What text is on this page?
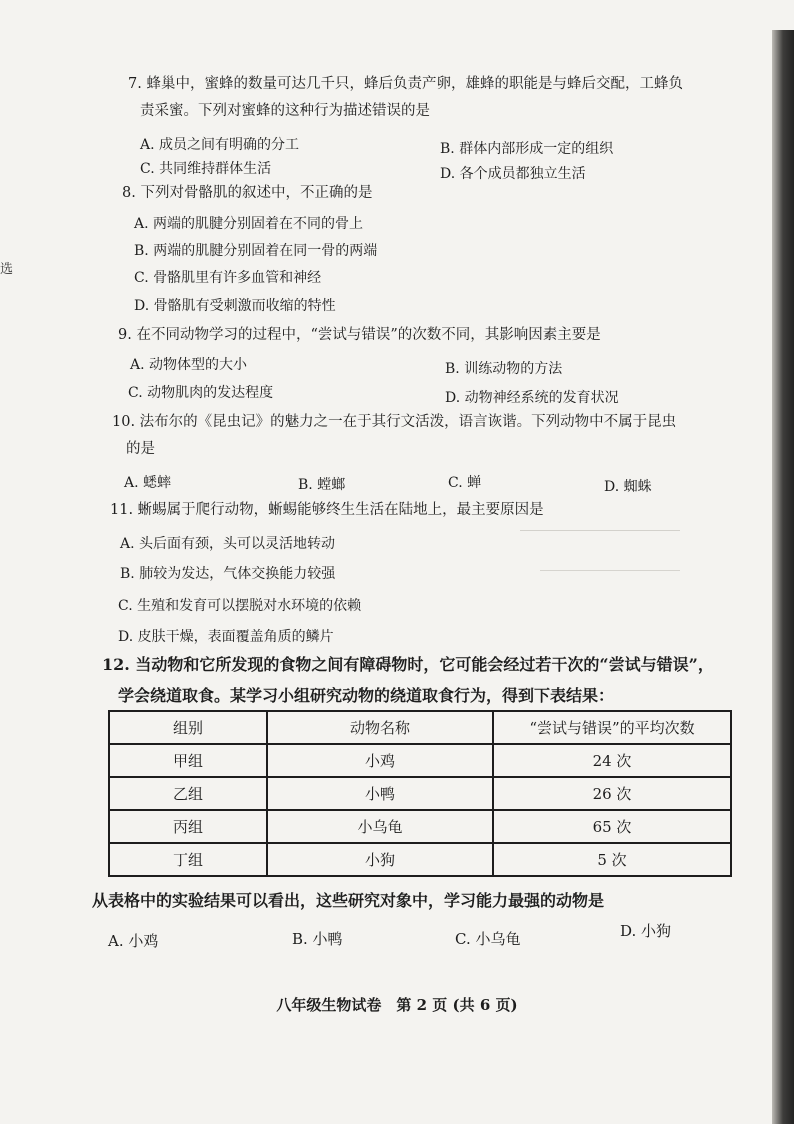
选
7. 蜂巢中，蜜蜂的数量可达几千只，蜂后负责产卵，雄蜂的职能是与蜂后交配，工蜂负
责采蜜。下列对蜜蜂的这种行为描述错误的是
A. 成员之间有明确的分工	B. 群体内部形成一定的组织
C. 共同维持群体生活	D. 各个成员都独立生活
8. 下列对骨骼肌的叙述中，不正确的是
A. 两端的肌腱分别固着在不同的骨上
B. 两端的肌腱分别固着在同一骨的两端
C. 骨骼肌里有许多血管和神经
D. 骨骼肌有受刺激而收缩的特性
9. 在不同动物学习的过程中，“尝试与错误”的次数不同，其影响因素主要是
A. 动物体型的大小	B. 训练动物的方法
C. 动物肌肉的发达程度	D. 动物神经系统的发育状况
10. 法布尔的《昆虫记》的魅力之一在于其行文活泼，语言诙谐。下列动物中不属于昆虫
的是
A. 蟋蟀	B. 螳螂	C. 蝉	D. 蜘蛛
11. 蜥蜴属于爬行动物，蜥蜴能够终生生活在陆地上，最主要原因是
A. 头后面有颈，头可以灵活地转动
B. 肺较为发达，气体交换能力较强
C. 生殖和发育可以摆脱对水环境的依赖
D. 皮肤干燥，表面覆盖角质的鳞片
12. 当动物和它所发现的食物之间有障碍物时，它可能会经过若干次的“尝试与错误”，
学会绕道取食。某学习小组研究动物的绕道取食行为，得到下表结果：
组别	动物名称	“尝试与错误”的平均次数
甲组	小鸡	24 次
乙组	小鸭	26 次
丙组	小乌龟	65 次
丁组	小狗	5 次
从表格中的实验结果可以看出，这些研究对象中，学习能力最强的动物是
A. 小鸡	B. 小鸭	C. 小乌龟	D. 小狗
八年级生物试卷　第 2 页 (共 6 页)
